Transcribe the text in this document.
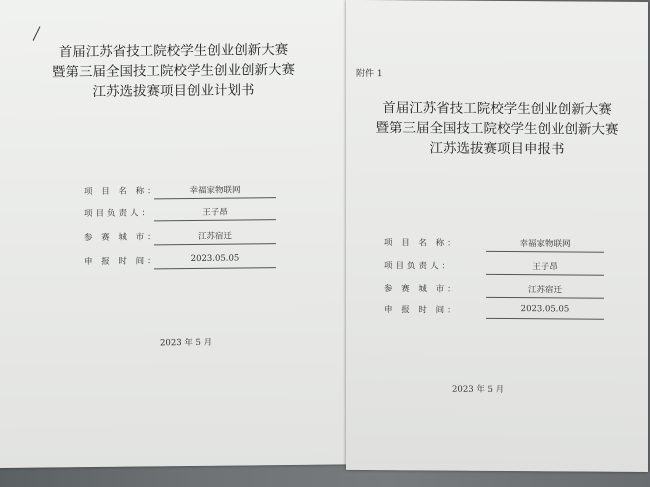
首届江苏省技工院校学生创业创新大赛
暨第三届全国技工院校学生创业创新大赛
江苏选拔赛项目创业计划书
项 目 名 称：	幸福家物联网
项目负责人：	王子昂
参 赛 城 市：	江苏宿迁
申 报 时 间：	2023.05.05
2023 年 5 月
附件 1
首届江苏省技工院校学生创业创新大赛
暨第三届全国技工院校学生创业创新大赛
江苏选拔赛项目申报书
项 目 名 称：	幸福家物联网
项目负责人：	王子昂
参 赛 城 市：	江苏宿迁
申 报 时 间：	2023.05.05
2023 年 5 月
